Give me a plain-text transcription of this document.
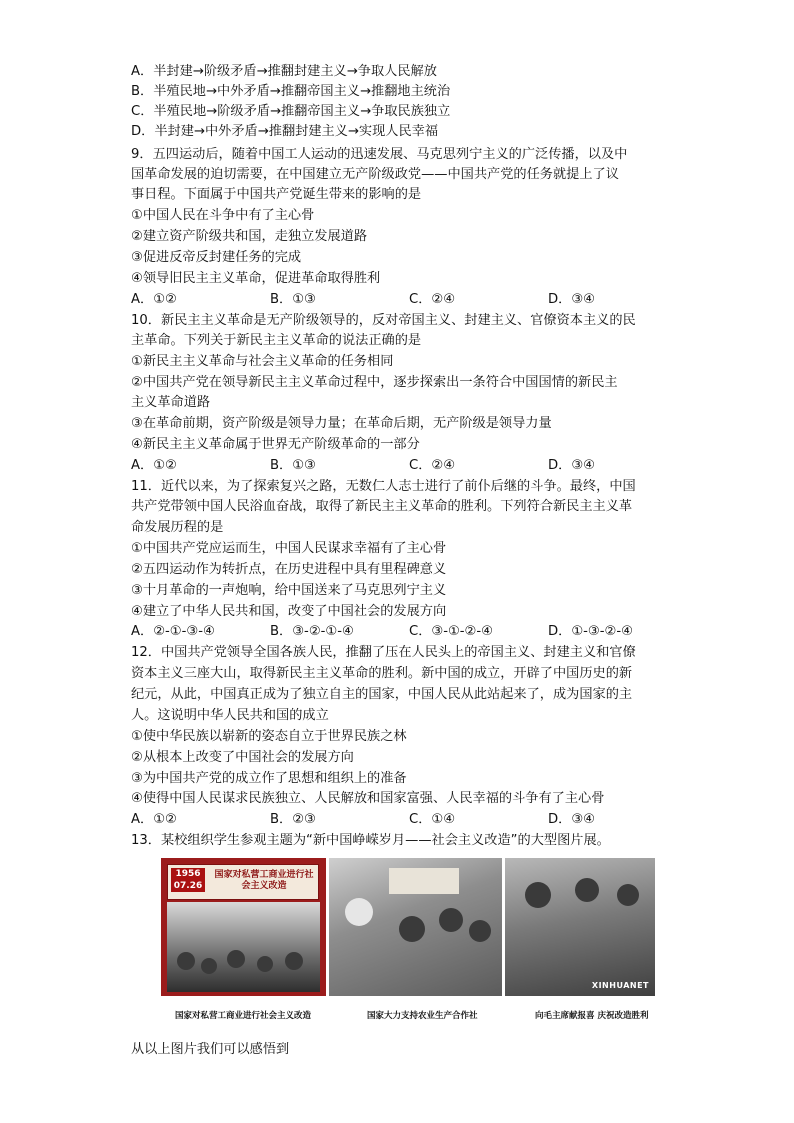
A．半封建→阶级矛盾→推翻封建主义→争取人民解放
B．半殖民地→中外矛盾→推翻帝国主义→推翻地主统治
C．半殖民地→阶级矛盾→推翻帝国主义→争取民族独立
D．半封建→中外矛盾→推翻封建主义→实现人民幸福
9．五四运动后，随着中国工人运动的迅速发展、马克思列宁主义的广泛传播，以及中
国革命发展的迫切需要，在中国建立无产阶级政党——中国共产党的任务就提上了议
事日程。下面属于中国共产党诞生带来的影响的是
①中国人民在斗争中有了主心骨
②建立资产阶级共和国，走独立发展道路
③促进反帝反封建任务的完成
④领导旧民主主义革命，促进革命取得胜利
A．①②	B．①③	C．②④	D．③④
10．新民主主义革命是无产阶级领导的，反对帝国主义、封建主义、官僚资本主义的民
主革命。下列关于新民主主义革命的说法正确的是
①新民主主义革命与社会主义革命的任务相同
②中国共产党在领导新民主主义革命过程中，逐步探索出一条符合中国国情的新民主
主义革命道路
③在革命前期，资产阶级是领导力量；在革命后期，无产阶级是领导力量
④新民主主义革命属于世界无产阶级革命的一部分
A．①②	B．①③	C．②④	D．③④
11．近代以来，为了探索复兴之路，无数仁人志士进行了前仆后继的斗争。最终，中国
共产党带领中国人民浴血奋战，取得了新民主主义革命的胜利。下列符合新民主主义革
命发展历程的是
①中国共产党应运而生，中国人民谋求幸福有了主心骨
②五四运动作为转折点，在历史进程中具有里程碑意义
③十月革命的一声炮响，给中国送来了马克思列宁主义
④建立了中华人民共和国，改变了中国社会的发展方向
A．②-①-③-④	B．③-②-①-④	C．③-①-②-④	D．①-③-②-④
12．中国共产党领导全国各族人民，推翻了压在人民头上的帝国主义、封建主义和官僚
资本主义三座大山，取得新民主主义革命的胜利。新中国的成立，开辟了中国历史的新
纪元，从此，中国真正成为了独立自主的国家，中国人民从此站起来了，成为国家的主
人。这说明中华人民共和国的成立
①使中华民族以崭新的姿态自立于世界民族之林
②从根本上改变了中国社会的发展方向
③为中国共产党的成立作了思想和组织上的准备
④使得中国人民谋求民族独立、人民解放和国家富强、人民幸福的斗争有了主心骨
A．①②	B．②③	C．①④	D．③④
13．某校组织学生参观主题为“新中国峥嵘岁月——社会主义改造”的大型图片展。
1956
07.26
国家对私营工商业进行社会主义改造
XINHUANET
国家对私营工商业进行社会主义改造	国家大力支持农业生产合作社	向毛主席献报喜 庆祝改造胜利
从以上图片我们可以感悟到
